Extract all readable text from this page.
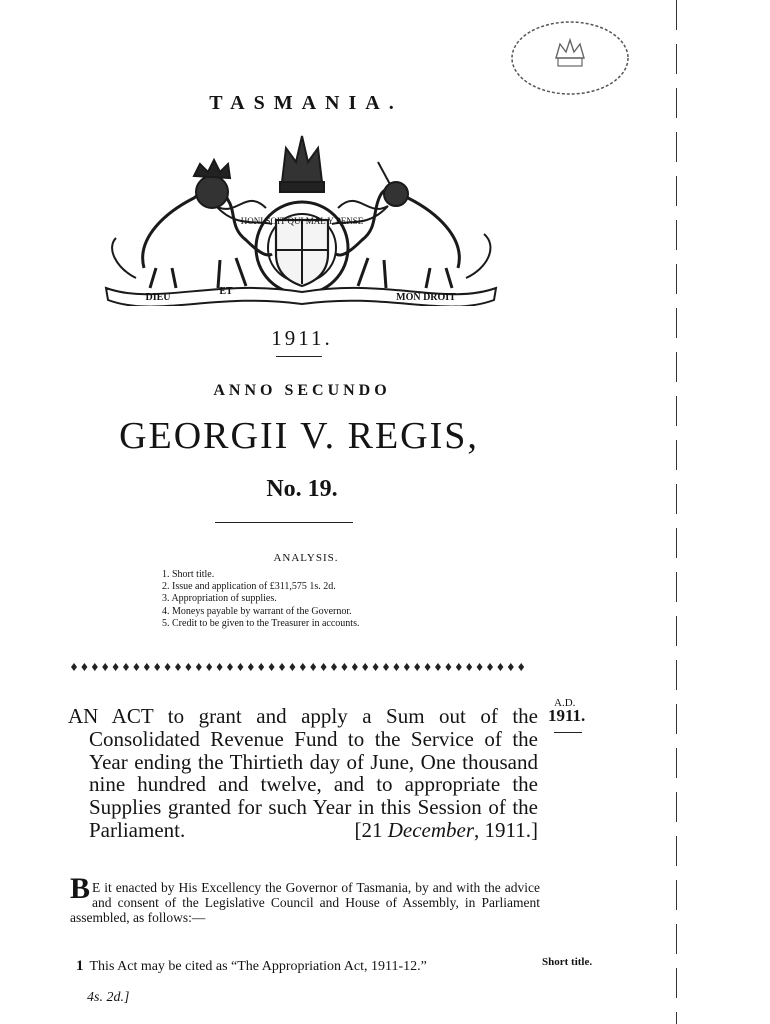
TASMANIA.
HONI SOIT QUI MAL Y PENSE
DIEU
ET
MON DROIT
1911.
ANNO SECUNDO
GEORGII V. REGIS,
No. 19.
ANALYSIS.
1. Short title.
2. Issue and application of £311,575 1s. 2d.
3. Appropriation of supplies.
4. Moneys payable by warrant of the Governor.
5. Credit to be given to the Treasurer in accounts.
A.D.
1911.
AN ACT to grant and apply a Sum out of the Consolidated Revenue Fund to the Service of the Year ending the Thirtieth day of June, One thousand nine hundred and twelve, and to appropriate the Supplies granted for such Year in this Session of the Parliament.	[21 December, 1911.]
B E it enacted by His Excellency the Governor of Tasmania, by and with the advice and consent of the Legislative Council and House of Assembly, in Parliament assembled, as follows:—
1 This Act may be cited as “The Appropriation Act, 1911-12.”	Short title.
4s. 2d.]
